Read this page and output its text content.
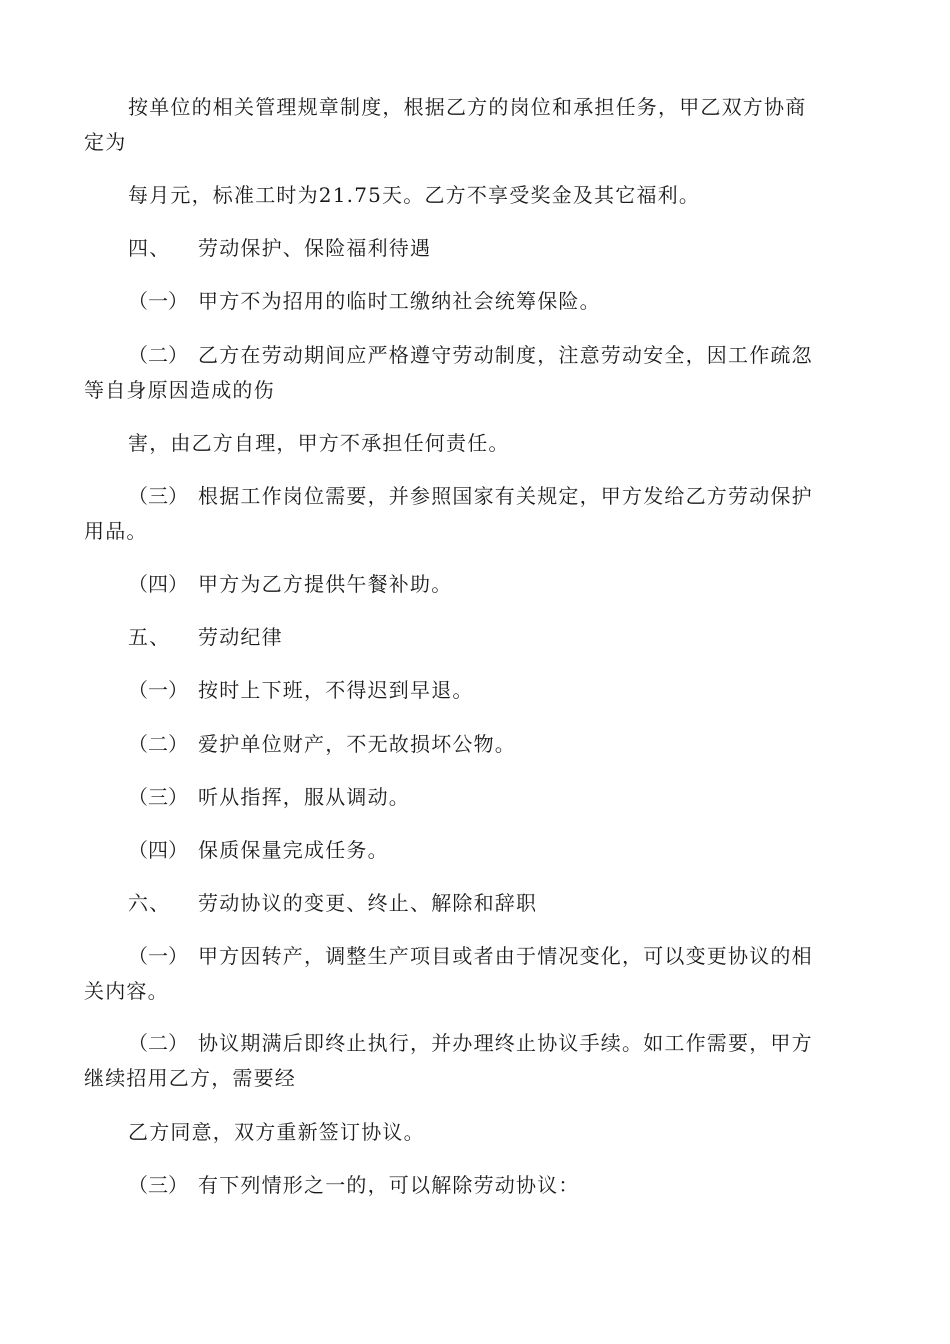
按单位的相关管理规章制度，根据乙方的岗位和承担任务，甲乙双方协商
定为

每月元，标准工时为21.75天。乙方不享受奖金及其它福利。

四、 劳动保护、保险福利待遇

（一） 甲方不为招用的临时工缴纳社会统筹保险。

（二） 乙方在劳动期间应严格遵守劳动制度，注意劳动安全，因工作疏忽
等自身原因造成的伤

害，由乙方自理，甲方不承担任何责任。

（三） 根据工作岗位需要，并参照国家有关规定，甲方发给乙方劳动保护
用品。

（四） 甲方为乙方提供午餐补助。

五、 劳动纪律

（一） 按时上下班，不得迟到早退。

（二） 爱护单位财产，不无故损坏公物。

（三） 听从指挥，服从调动。

（四） 保质保量完成任务。

六、 劳动协议的变更、终止、解除和辞职

（一） 甲方因转产，调整生产项目或者由于情况变化，可以变更协议的相
关内容。

（二） 协议期满后即终止执行，并办理终止协议手续。如工作需要，甲方
继续招用乙方，需要经

乙方同意，双方重新签订协议。

（三） 有下列情形之一的，可以解除劳动协议：
